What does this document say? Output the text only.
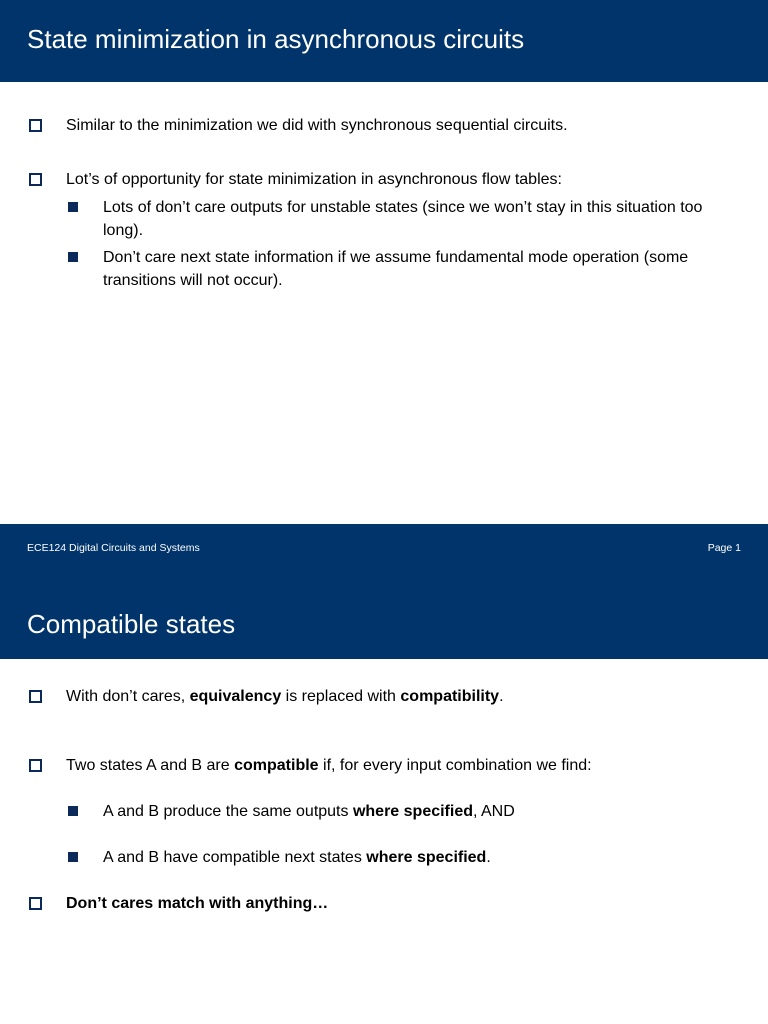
State minimization in asynchronous circuits
Similar to the minimization we did with synchronous sequential circuits.
Lot’s of opportunity for state minimization in asynchronous flow tables:
Lots of don’t care outputs for unstable states (since we won’t stay in this situation too long).
Don’t care next state information if we assume fundamental mode operation (some transitions will not occur).
ECE124 Digital Circuits and Systems	Page 1
Compatible states
With don’t cares, equivalency is replaced with compatibility.
Two states A and B are compatible if, for every input combination we find:
A and B produce the same outputs where specified, AND
A and B have compatible next states where specified.
Don’t cares match with anything…
